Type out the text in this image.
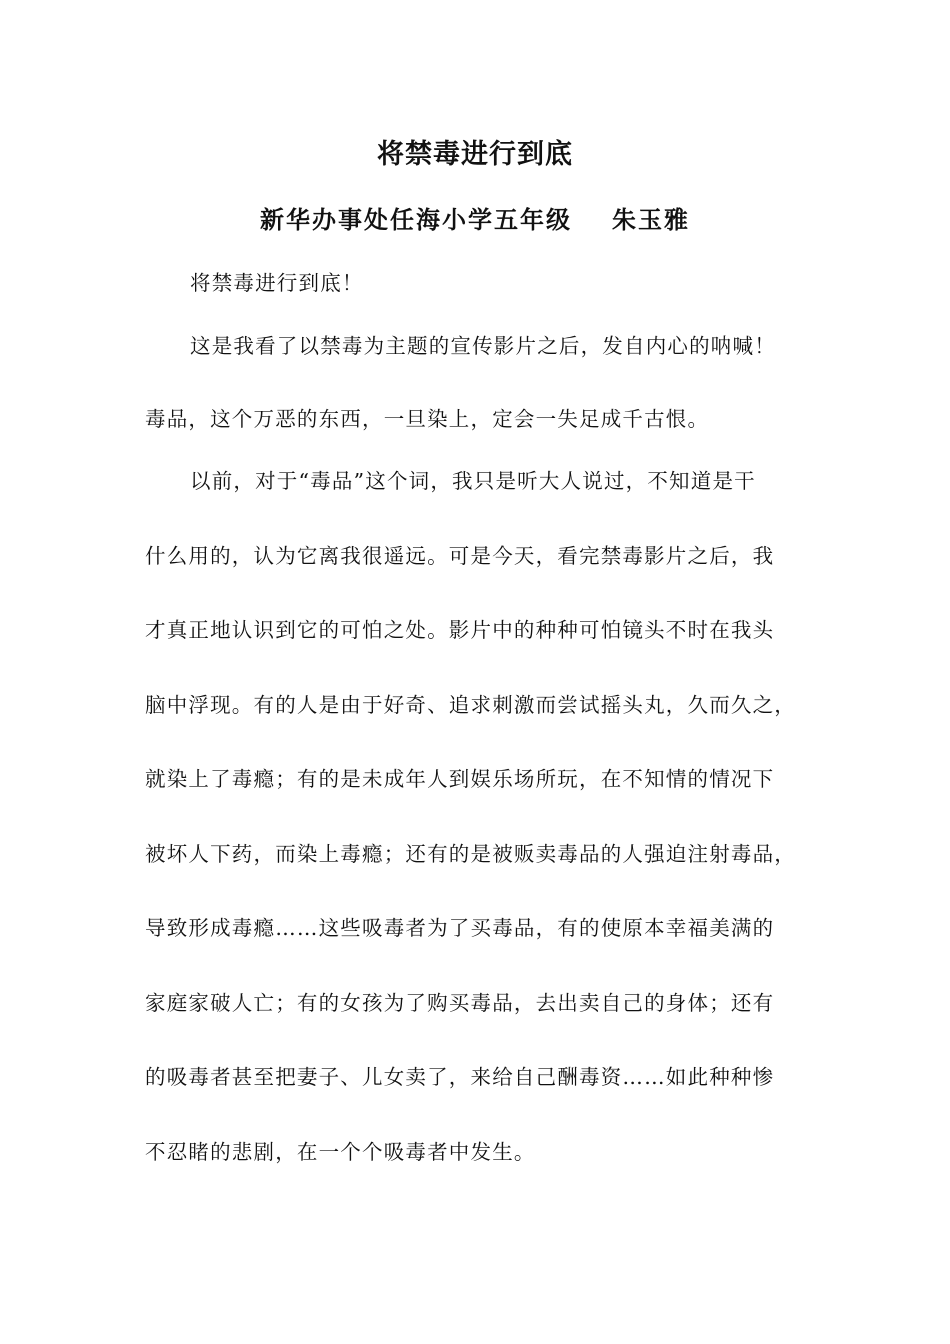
将禁毒进行到底
新华办事处任海小学五年级 朱玉雅
将禁毒进行到底！
这是我看了以禁毒为主题的宣传影片之后，发自内心的呐喊！
毒品，这个万恶的东西，一旦染上，定会一失足成千古恨。
以前，对于“毒品”这个词，我只是听大人说过，不知道是干
什么用的，认为它离我很遥远。可是今天，看完禁毒影片之后，我
才真正地认识到它的可怕之处。影片中的种种可怕镜头不时在我头
脑中浮现。有的人是由于好奇、追求刺激而尝试摇头丸，久而久之，
就染上了毒瘾；有的是未成年人到娱乐场所玩，在不知情的情况下
被坏人下药，而染上毒瘾；还有的是被贩卖毒品的人强迫注射毒品，
导致形成毒瘾……这些吸毒者为了买毒品，有的使原本幸福美满的
家庭家破人亡；有的女孩为了购买毒品，去出卖自己的身体；还有
的吸毒者甚至把妻子、儿女卖了，来给自己酬毒资……如此种种惨
不忍睹的悲剧，在一个个吸毒者中发生。
